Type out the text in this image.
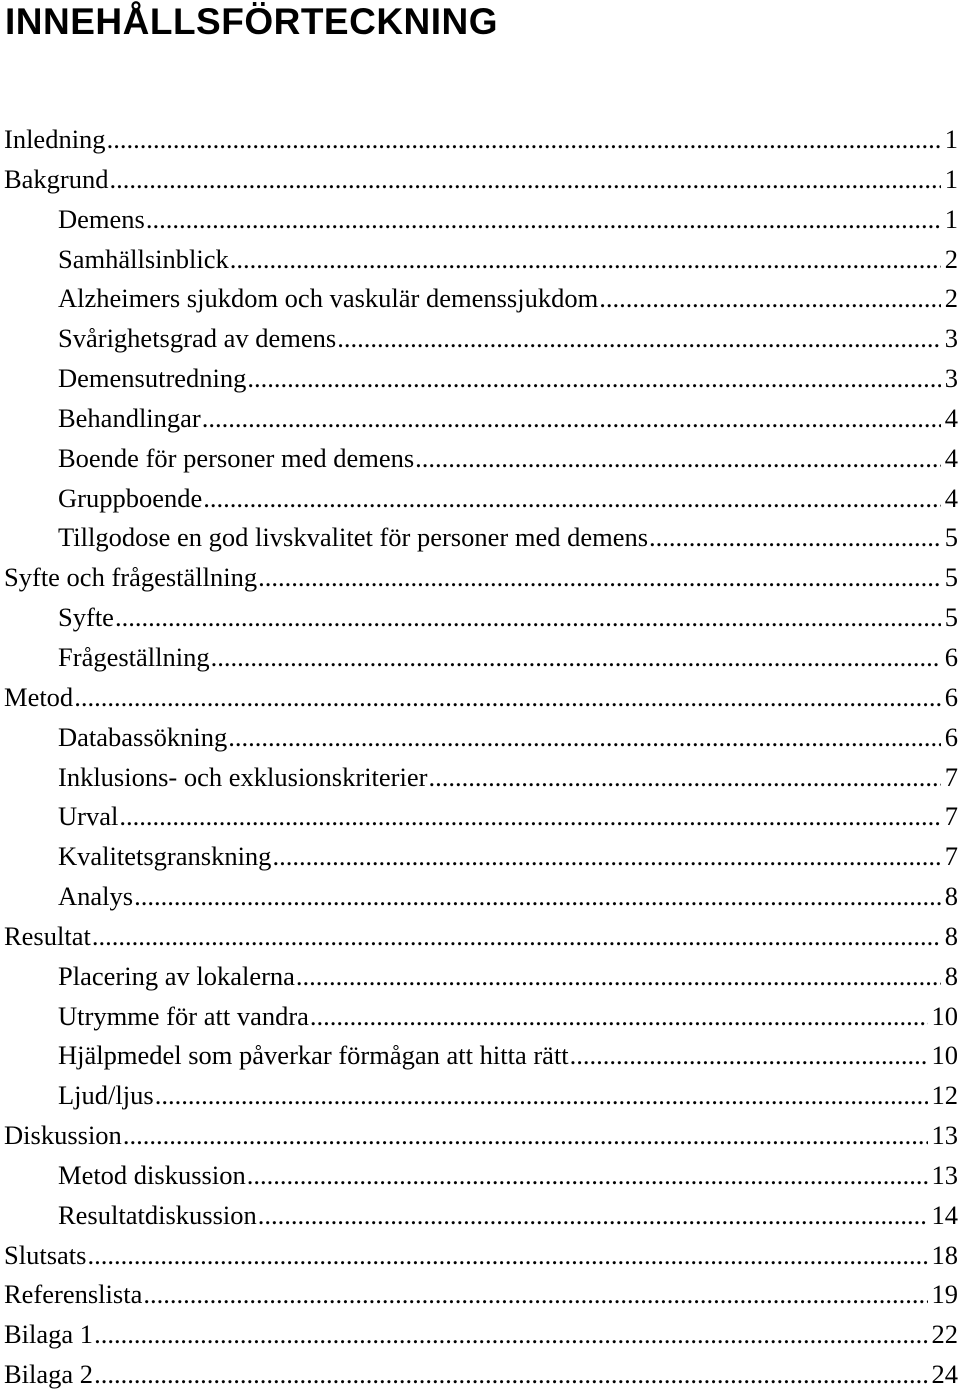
INNEHÅLLSFÖRTECKNING
Inledning .....	1
Bakgrund .....	1
Demens .....	1
Samhällsinblick .....	2
Alzheimers sjukdom och vaskulär demenssjukdom .....	2
Svårighetsgrad av demens .....	3
Demensutredning .....	3
Behandlingar .....	4
Boende för personer med demens .....	4
Gruppboende .....	4
Tillgodose en god livskvalitet för personer med demens .....	5
Syfte och frågeställning .....	5
Syfte .....	5
Frågeställning .....	6
Metod .....	6
Databassökning .....	6
Inklusions- och exklusionskriterier .....	7
Urval .....	7
Kvalitetsgranskning .....	7
Analys .....	8
Resultat .....	8
Placering av lokalerna .....	8
Utrymme för att vandra .....	10
Hjälpmedel som påverkar förmågan att hitta rätt .....	10
Ljud/ljus .....	12
Diskussion .....	13
Metod diskussion .....	13
Resultatdiskussion .....	14
Slutsats .....	18
Referenslista .....	19
Bilaga 1 .....	22
Bilaga 2 .....	24
